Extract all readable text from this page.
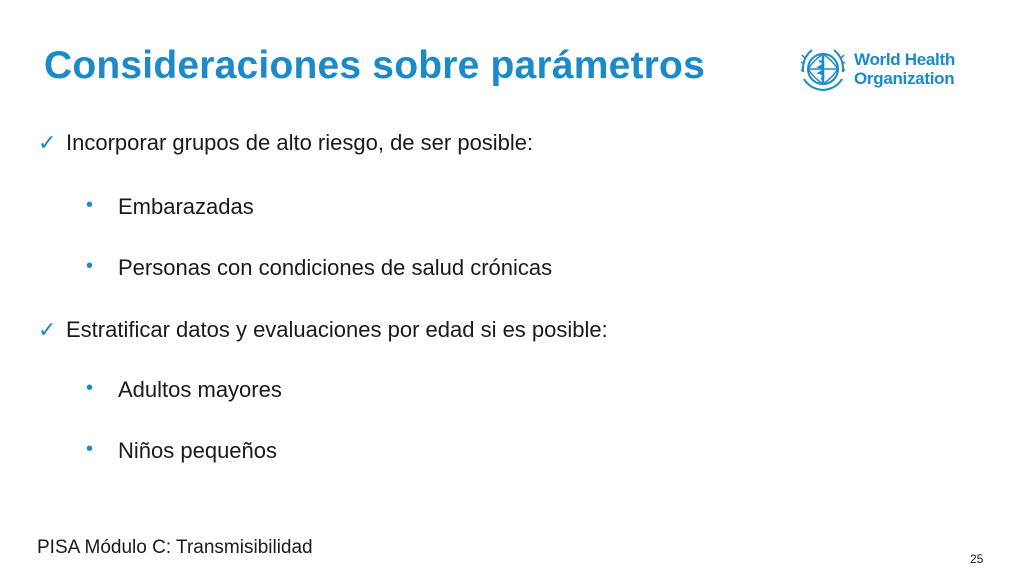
Consideraciones sobre parámetros	World Health
Organization
✓ Incorporar grupos de alto riesgo, de ser posible:
• Embarazadas
• Personas con condiciones de salud crónicas
✓ Estratificar datos y evaluaciones por edad si es posible:
• Adultos mayores
• Niños pequeños
PISA Módulo C: Transmisibilidad
25
